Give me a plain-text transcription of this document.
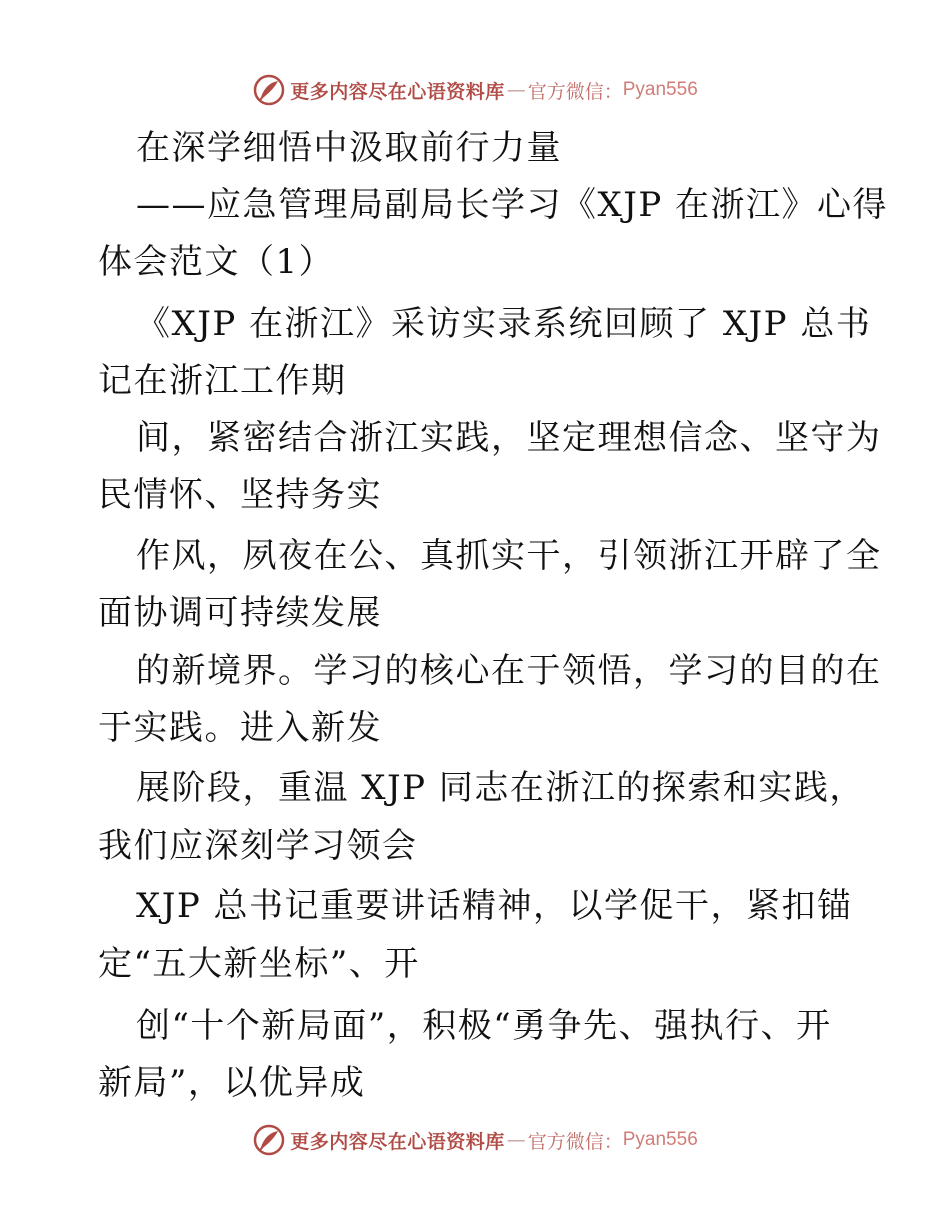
更多内容尽在心语资料库 — 官方微信： Pyan556
在深学细悟中汲取前行力量
——应急管理局副局长学习《XJP 在浙江》心得
体会范文（1）
《XJP 在浙江》采访实录系统回顾了 XJP 总书
记在浙江工作期
间，紧密结合浙江实践，坚定理想信念、坚守为
民情怀、坚持务实
作风，夙夜在公、真抓实干，引领浙江开辟了全
面协调可持续发展
的新境界。学习的核心在于领悟，学习的目的在
于实践。进入新发
展阶段，重温 XJP 同志在浙江的探索和实践，
我们应深刻学习领会
XJP 总书记重要讲话精神，以学促干，紧扣锚
定“五大新坐标”、开
创“十个新局面”，积极“勇争先、强执行、开
新局”，以优异成
更多内容尽在心语资料库 — 官方微信： Pyan556
